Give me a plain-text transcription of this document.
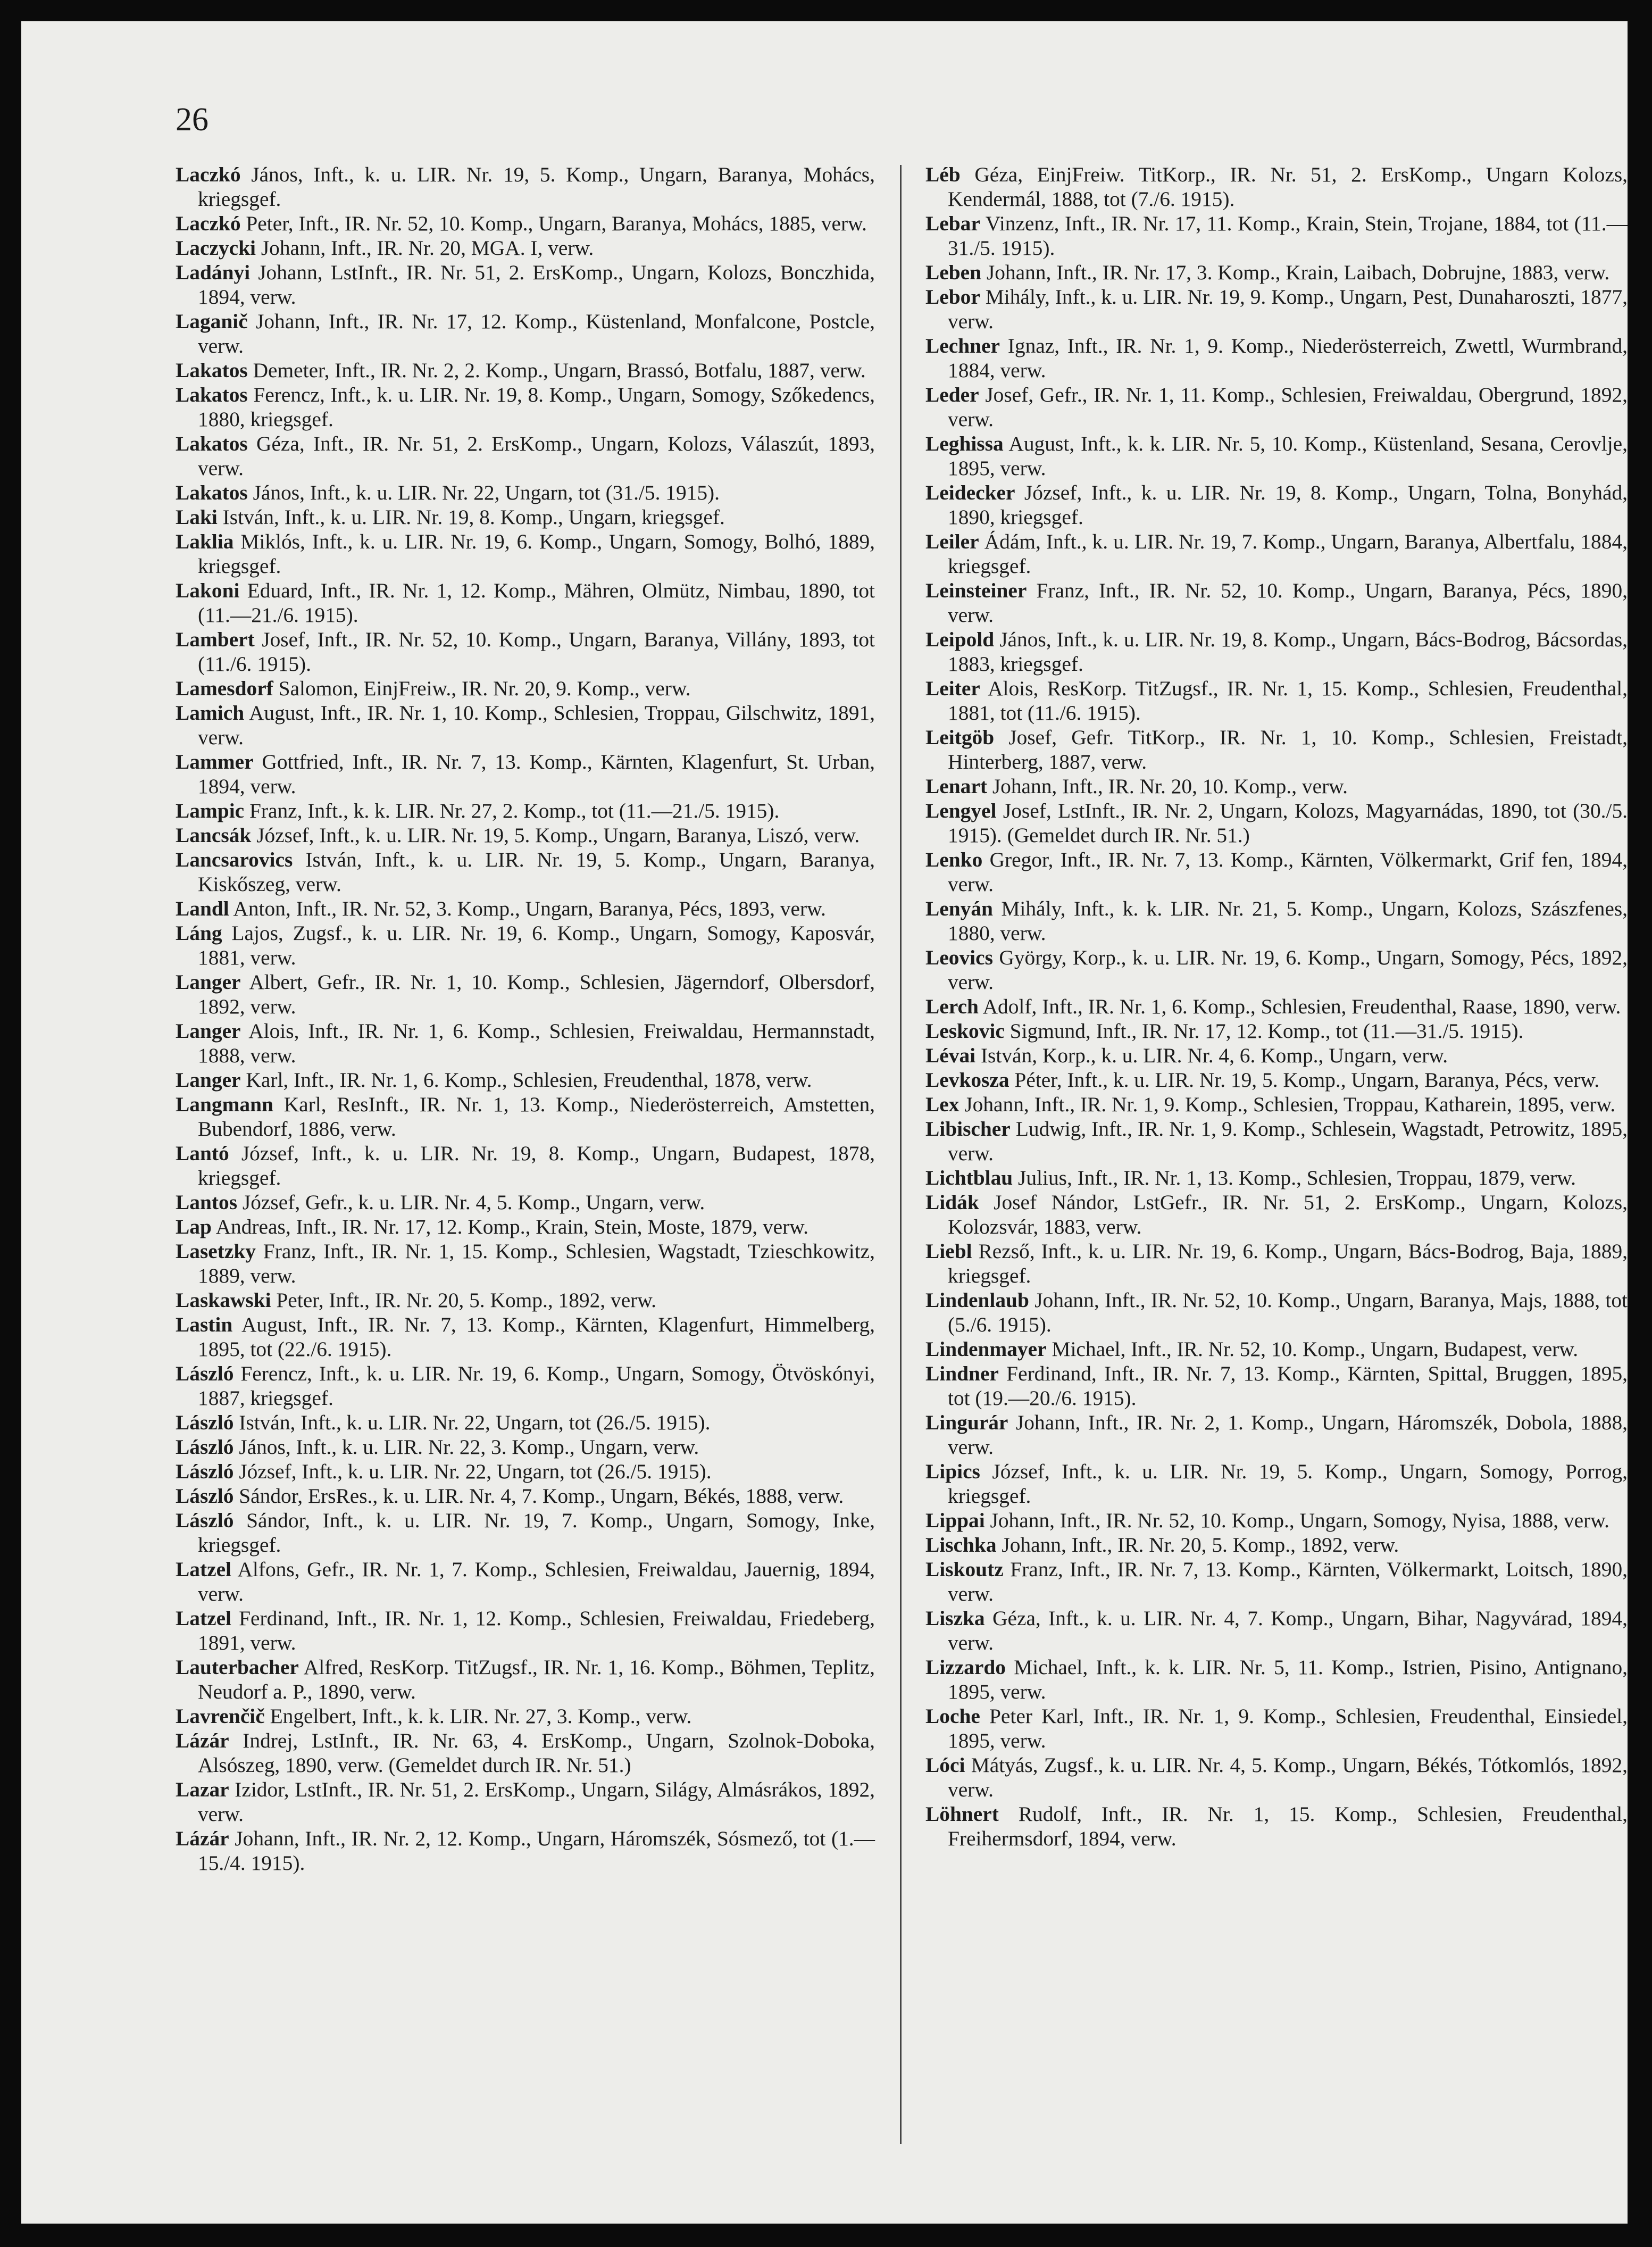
26
Laczkó János, Inft., k. u. LIR. Nr. 19, 5. Komp., Ungarn, Baranya, Mohács, kriegsgef.
Laczkó Peter, Inft., IR. Nr. 52, 10. Komp., Ungarn, Baranya, Mohács, 1885, verw.
Laczycki Johann, Inft., IR. Nr. 20, MGA. I, verw.
Ladányi Johann, LstInft., IR. Nr. 51, 2. ErsKomp., Ungarn, Kolozs, Bonczhida, 1894, verw.
Laganič Johann, Inft., IR. Nr. 17, 12. Komp., Küstenland, Monfalcone, Postcle, verw.
Lakatos Demeter, Inft., IR. Nr. 2, 2. Komp., Ungarn, Brassó, Botfalu, 1887, verw.
Lakatos Ferencz, Inft., k. u. LIR. Nr. 19, 8. Komp., Ungarn, Somogy, Szőkedencs, 1880, kriegsgef.
Lakatos Géza, Inft., IR. Nr. 51, 2. ErsKomp., Ungarn, Kolozs, Válaszút, 1893, verw.
Lakatos János, Inft., k. u. LIR. Nr. 22, Ungarn, tot (31./5. 1915).
Laki István, Inft., k. u. LIR. Nr. 19, 8. Komp., Ungarn, kriegsgef.
Laklia Miklós, Inft., k. u. LIR. Nr. 19, 6. Komp., Ungarn, Somogy, Bolhó, 1889, kriegsgef.
Lakoni Eduard, Inft., IR. Nr. 1, 12. Komp., Mähren, Olmütz, Nimbau, 1890, tot (11.—21./6. 1915).
Lambert Josef, Inft., IR. Nr. 52, 10. Komp., Ungarn, Baranya, Villány, 1893, tot (11./6. 1915).
Lamesdorf Salomon, EinjFreiw., IR. Nr. 20, 9. Komp., verw.
Lamich August, Inft., IR. Nr. 1, 10. Komp., Schlesien, Troppau, Gilschwitz, 1891, verw.
Lammer Gottfried, Inft., IR. Nr. 7, 13. Komp., Kärnten, Klagenfurt, St. Urban, 1894, verw.
Lampic Franz, Inft., k. k. LIR. Nr. 27, 2. Komp., tot (11.—21./5. 1915).
Lancsák József, Inft., k. u. LIR. Nr. 19, 5. Komp., Ungarn, Baranya, Liszó, verw.
Lancsarovics István, Inft., k. u. LIR. Nr. 19, 5. Komp., Ungarn, Baranya, Kiskőszeg, verw.
Landl Anton, Inft., IR. Nr. 52, 3. Komp., Ungarn, Baranya, Pécs, 1893, verw.
Láng Lajos, Zugsf., k. u. LIR. Nr. 19, 6. Komp., Ungarn, Somogy, Kaposvár, 1881, verw.
Langer Albert, Gefr., IR. Nr. 1, 10. Komp., Schlesien, Jägerndorf, Olbersdorf, 1892, verw.
Langer Alois, Inft., IR. Nr. 1, 6. Komp., Schlesien, Freiwaldau, Hermannstadt, 1888, verw.
Langer Karl, Inft., IR. Nr. 1, 6. Komp., Schlesien, Freudenthal, 1878, verw.
Langmann Karl, ResInft., IR. Nr. 1, 13. Komp., Niederösterreich, Amstetten, Bubendorf, 1886, verw.
Lantó József, Inft., k. u. LIR. Nr. 19, 8. Komp., Ungarn, Budapest, 1878, kriegsgef.
Lantos József, Gefr., k. u. LIR. Nr. 4, 5. Komp., Ungarn, verw.
Lap Andreas, Inft., IR. Nr. 17, 12. Komp., Krain, Stein, Moste, 1879, verw.
Lasetzky Franz, Inft., IR. Nr. 1, 15. Komp., Schlesien, Wagstadt, Tzieschkowitz, 1889, verw.
Laskawski Peter, Inft., IR. Nr. 20, 5. Komp., 1892, verw.
Lastin August, Inft., IR. Nr. 7, 13. Komp., Kärnten, Klagenfurt, Himmelberg, 1895, tot (22./6. 1915).
László Ferencz, Inft., k. u. LIR. Nr. 19, 6. Komp., Ungarn, Somogy, Ötvöskónyi, 1887, kriegsgef.
László István, Inft., k. u. LIR. Nr. 22, Ungarn, tot (26./5. 1915).
László János, Inft., k. u. LIR. Nr. 22, 3. Komp., Ungarn, verw.
László József, Inft., k. u. LIR. Nr. 22, Ungarn, tot (26./5. 1915).
László Sándor, ErsRes., k. u. LIR. Nr. 4, 7. Komp., Ungarn, Békés, 1888, verw.
László Sándor, Inft., k. u. LIR. Nr. 19, 7. Komp., Ungarn, Somogy, Inke, kriegsgef.
Latzel Alfons, Gefr., IR. Nr. 1, 7. Komp., Schlesien, Freiwaldau, Jauernig, 1894, verw.
Latzel Ferdinand, Inft., IR. Nr. 1, 12. Komp., Schlesien, Freiwaldau, Friedeberg, 1891, verw.
Lauterbacher Alfred, ResKorp. TitZugsf., IR. Nr. 1, 16. Komp., Böhmen, Teplitz, Neudorf a. P., 1890, verw.
Lavrenčič Engelbert, Inft., k. k. LIR. Nr. 27, 3. Komp., verw.
Lázár Indrej, LstInft., IR. Nr. 63, 4. ErsKomp., Ungarn, Szolnok-Doboka, Alsószeg, 1890, verw. (Gemeldet durch IR. Nr. 51.)
Lazar Izidor, LstInft., IR. Nr. 51, 2. ErsKomp., Ungarn, Silágy, Almásrákos, 1892, verw.
Lázár Johann, Inft., IR. Nr. 2, 12. Komp., Ungarn, Háromszék, Sósmező, tot (1.—15./4. 1915).
Léb Géza, EinjFreiw. TitKorp., IR. Nr. 51, 2. ErsKomp., Ungarn Kolozs, Kendermál, 1888, tot (7./6. 1915).
Lebar Vinzenz, Inft., IR. Nr. 17, 11. Komp., Krain, Stein, Trojane, 1884, tot (11.—31./5. 1915).
Leben Johann, Inft., IR. Nr. 17, 3. Komp., Krain, Laibach, Dobrujne, 1883, verw.
Lebor Mihály, Inft., k. u. LIR. Nr. 19, 9. Komp., Ungarn, Pest, Dunaharoszti, 1877, verw.
Lechner Ignaz, Inft., IR. Nr. 1, 9. Komp., Niederösterreich, Zwettl, Wurmbrand, 1884, verw.
Leder Josef, Gefr., IR. Nr. 1, 11. Komp., Schlesien, Freiwaldau, Obergrund, 1892, verw.
Leghissa August, Inft., k. k. LIR. Nr. 5, 10. Komp., Küstenland, Sesana, Cerovlje, 1895, verw.
Leidecker József, Inft., k. u. LIR. Nr. 19, 8. Komp., Ungarn, Tolna, Bonyhád, 1890, kriegsgef.
Leiler Ádám, Inft., k. u. LIR. Nr. 19, 7. Komp., Ungarn, Baranya, Albertfalu, 1884, kriegsgef.
Leinsteiner Franz, Inft., IR. Nr. 52, 10. Komp., Ungarn, Baranya, Pécs, 1890, verw.
Leipold János, Inft., k. u. LIR. Nr. 19, 8. Komp., Ungarn, Bács-Bodrog, Bácsordas, 1883, kriegsgef.
Leiter Alois, ResKorp. TitZugsf., IR. Nr. 1, 15. Komp., Schlesien, Freudenthal, 1881, tot (11./6. 1915).
Leitgöb Josef, Gefr. TitKorp., IR. Nr. 1, 10. Komp., Schlesien, Freistadt, Hinterberg, 1887, verw.
Lenart Johann, Inft., IR. Nr. 20, 10. Komp., verw.
Lengyel Josef, LstInft., IR. Nr. 2, Ungarn, Kolozs, Magyarnádas, 1890, tot (30./5. 1915). (Gemeldet durch IR. Nr. 51.)
Lenko Gregor, Inft., IR. Nr. 7, 13. Komp., Kärnten, Völkermarkt, Grif fen, 1894, verw.
Lenyán Mihály, Inft., k. k. LIR. Nr. 21, 5. Komp., Ungarn, Kolozs, Szászfenes, 1880, verw.
Leovics György, Korp., k. u. LIR. Nr. 19, 6. Komp., Ungarn, Somogy, Pécs, 1892, verw.
Lerch Adolf, Inft., IR. Nr. 1, 6. Komp., Schlesien, Freudenthal, Raase, 1890, verw.
Leskovic Sigmund, Inft., IR. Nr. 17, 12. Komp., tot (11.—31./5. 1915).
Lévai István, Korp., k. u. LIR. Nr. 4, 6. Komp., Ungarn, verw.
Levkosza Péter, Inft., k. u. LIR. Nr. 19, 5. Komp., Ungarn, Baranya, Pécs, verw.
Lex Johann, Inft., IR. Nr. 1, 9. Komp., Schlesien, Troppau, Katharein, 1895, verw.
Libischer Ludwig, Inft., IR. Nr. 1, 9. Komp., Schlesein, Wagstadt, Petrowitz, 1895, verw.
Lichtblau Julius, Inft., IR. Nr. 1, 13. Komp., Schlesien, Troppau, 1879, verw.
Lidák Josef Nándor, LstGefr., IR. Nr. 51, 2. ErsKomp., Ungarn, Kolozs, Kolozsvár, 1883, verw.
Liebl Rezső, Inft., k. u. LIR. Nr. 19, 6. Komp., Ungarn, Bács-Bodrog, Baja, 1889, kriegsgef.
Lindenlaub Johann, Inft., IR. Nr. 52, 10. Komp., Ungarn, Baranya, Majs, 1888, tot (5./6. 1915).
Lindenmayer Michael, Inft., IR. Nr. 52, 10. Komp., Ungarn, Budapest, verw.
Lindner Ferdinand, Inft., IR. Nr. 7, 13. Komp., Kärnten, Spittal, Bruggen, 1895, tot (19.—20./6. 1915).
Lingurár Johann, Inft., IR. Nr. 2, 1. Komp., Ungarn, Háromszék, Dobola, 1888, verw.
Lipics József, Inft., k. u. LIR. Nr. 19, 5. Komp., Ungarn, Somogy, Porrog, kriegsgef.
Lippai Johann, Inft., IR. Nr. 52, 10. Komp., Ungarn, Somogy, Nyisa, 1888, verw.
Lischka Johann, Inft., IR. Nr. 20, 5. Komp., 1892, verw.
Liskoutz Franz, Inft., IR. Nr. 7, 13. Komp., Kärnten, Völkermarkt, Loitsch, 1890, verw.
Liszka Géza, Inft., k. u. LIR. Nr. 4, 7. Komp., Ungarn, Bihar, Nagyvárad, 1894, verw.
Lizzardo Michael, Inft., k. k. LIR. Nr. 5, 11. Komp., Istrien, Pisino, Antignano, 1895, verw.
Loche Peter Karl, Inft., IR. Nr. 1, 9. Komp., Schlesien, Freudenthal, Einsiedel, 1895, verw.
Lóci Mátyás, Zugsf., k. u. LIR. Nr. 4, 5. Komp., Ungarn, Békés, Tótkomlós, 1892, verw.
Löhnert Rudolf, Inft., IR. Nr. 1, 15. Komp., Schlesien, Freudenthal, Freihermsdorf, 1894, verw.
